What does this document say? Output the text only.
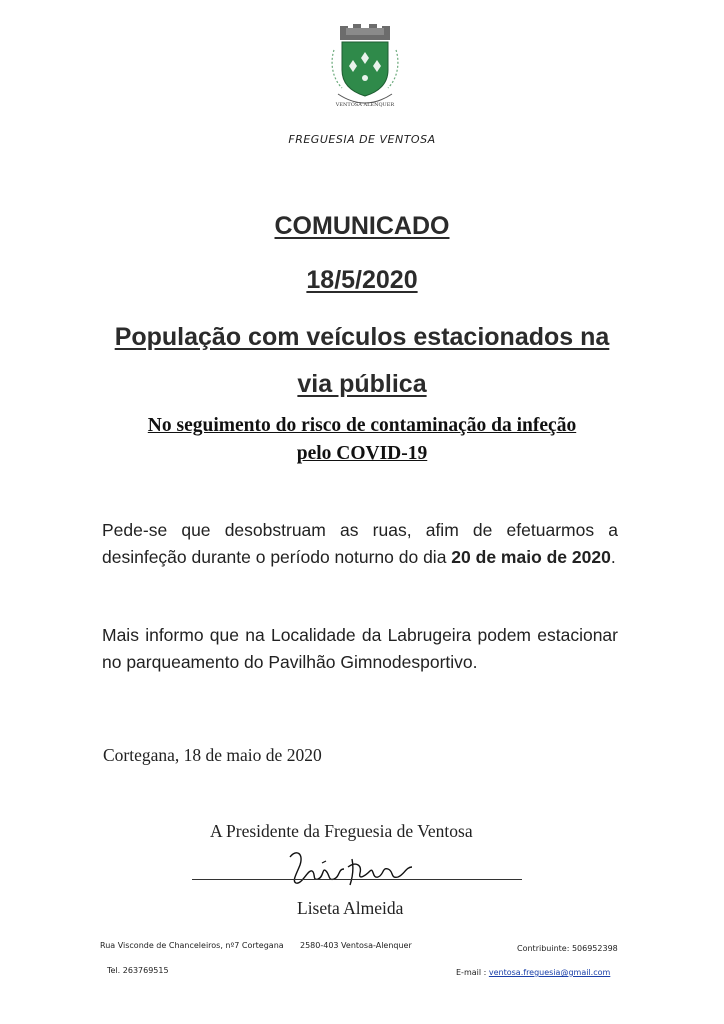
VENTOSA ALENQUER
FREGUESIA DE VENTOSA
COMUNICADO
18/5/2020
População com veículos estacionados na
via pública
No seguimento do risco de contaminação da infeção
pelo COVID-19
Pede-se que desobstruam as ruas, afim de efetuarmos a desinfeção durante o período noturno do dia 20 de maio de 2020.
Mais informo que na Localidade da Labrugeira podem estacionar no parqueamento do Pavilhão Gimnodesportivo.
Cortegana, 18 de maio de 2020
A Presidente da Freguesia de Ventosa
Liseta Almeida
Rua Visconde de Chanceleiros, nº7 Cortegana 2580-403 Ventosa-Alenquer	Contribuinte: 506952398
Tel. 263769515	E-mail : ventosa.freguesia@gmail.com
